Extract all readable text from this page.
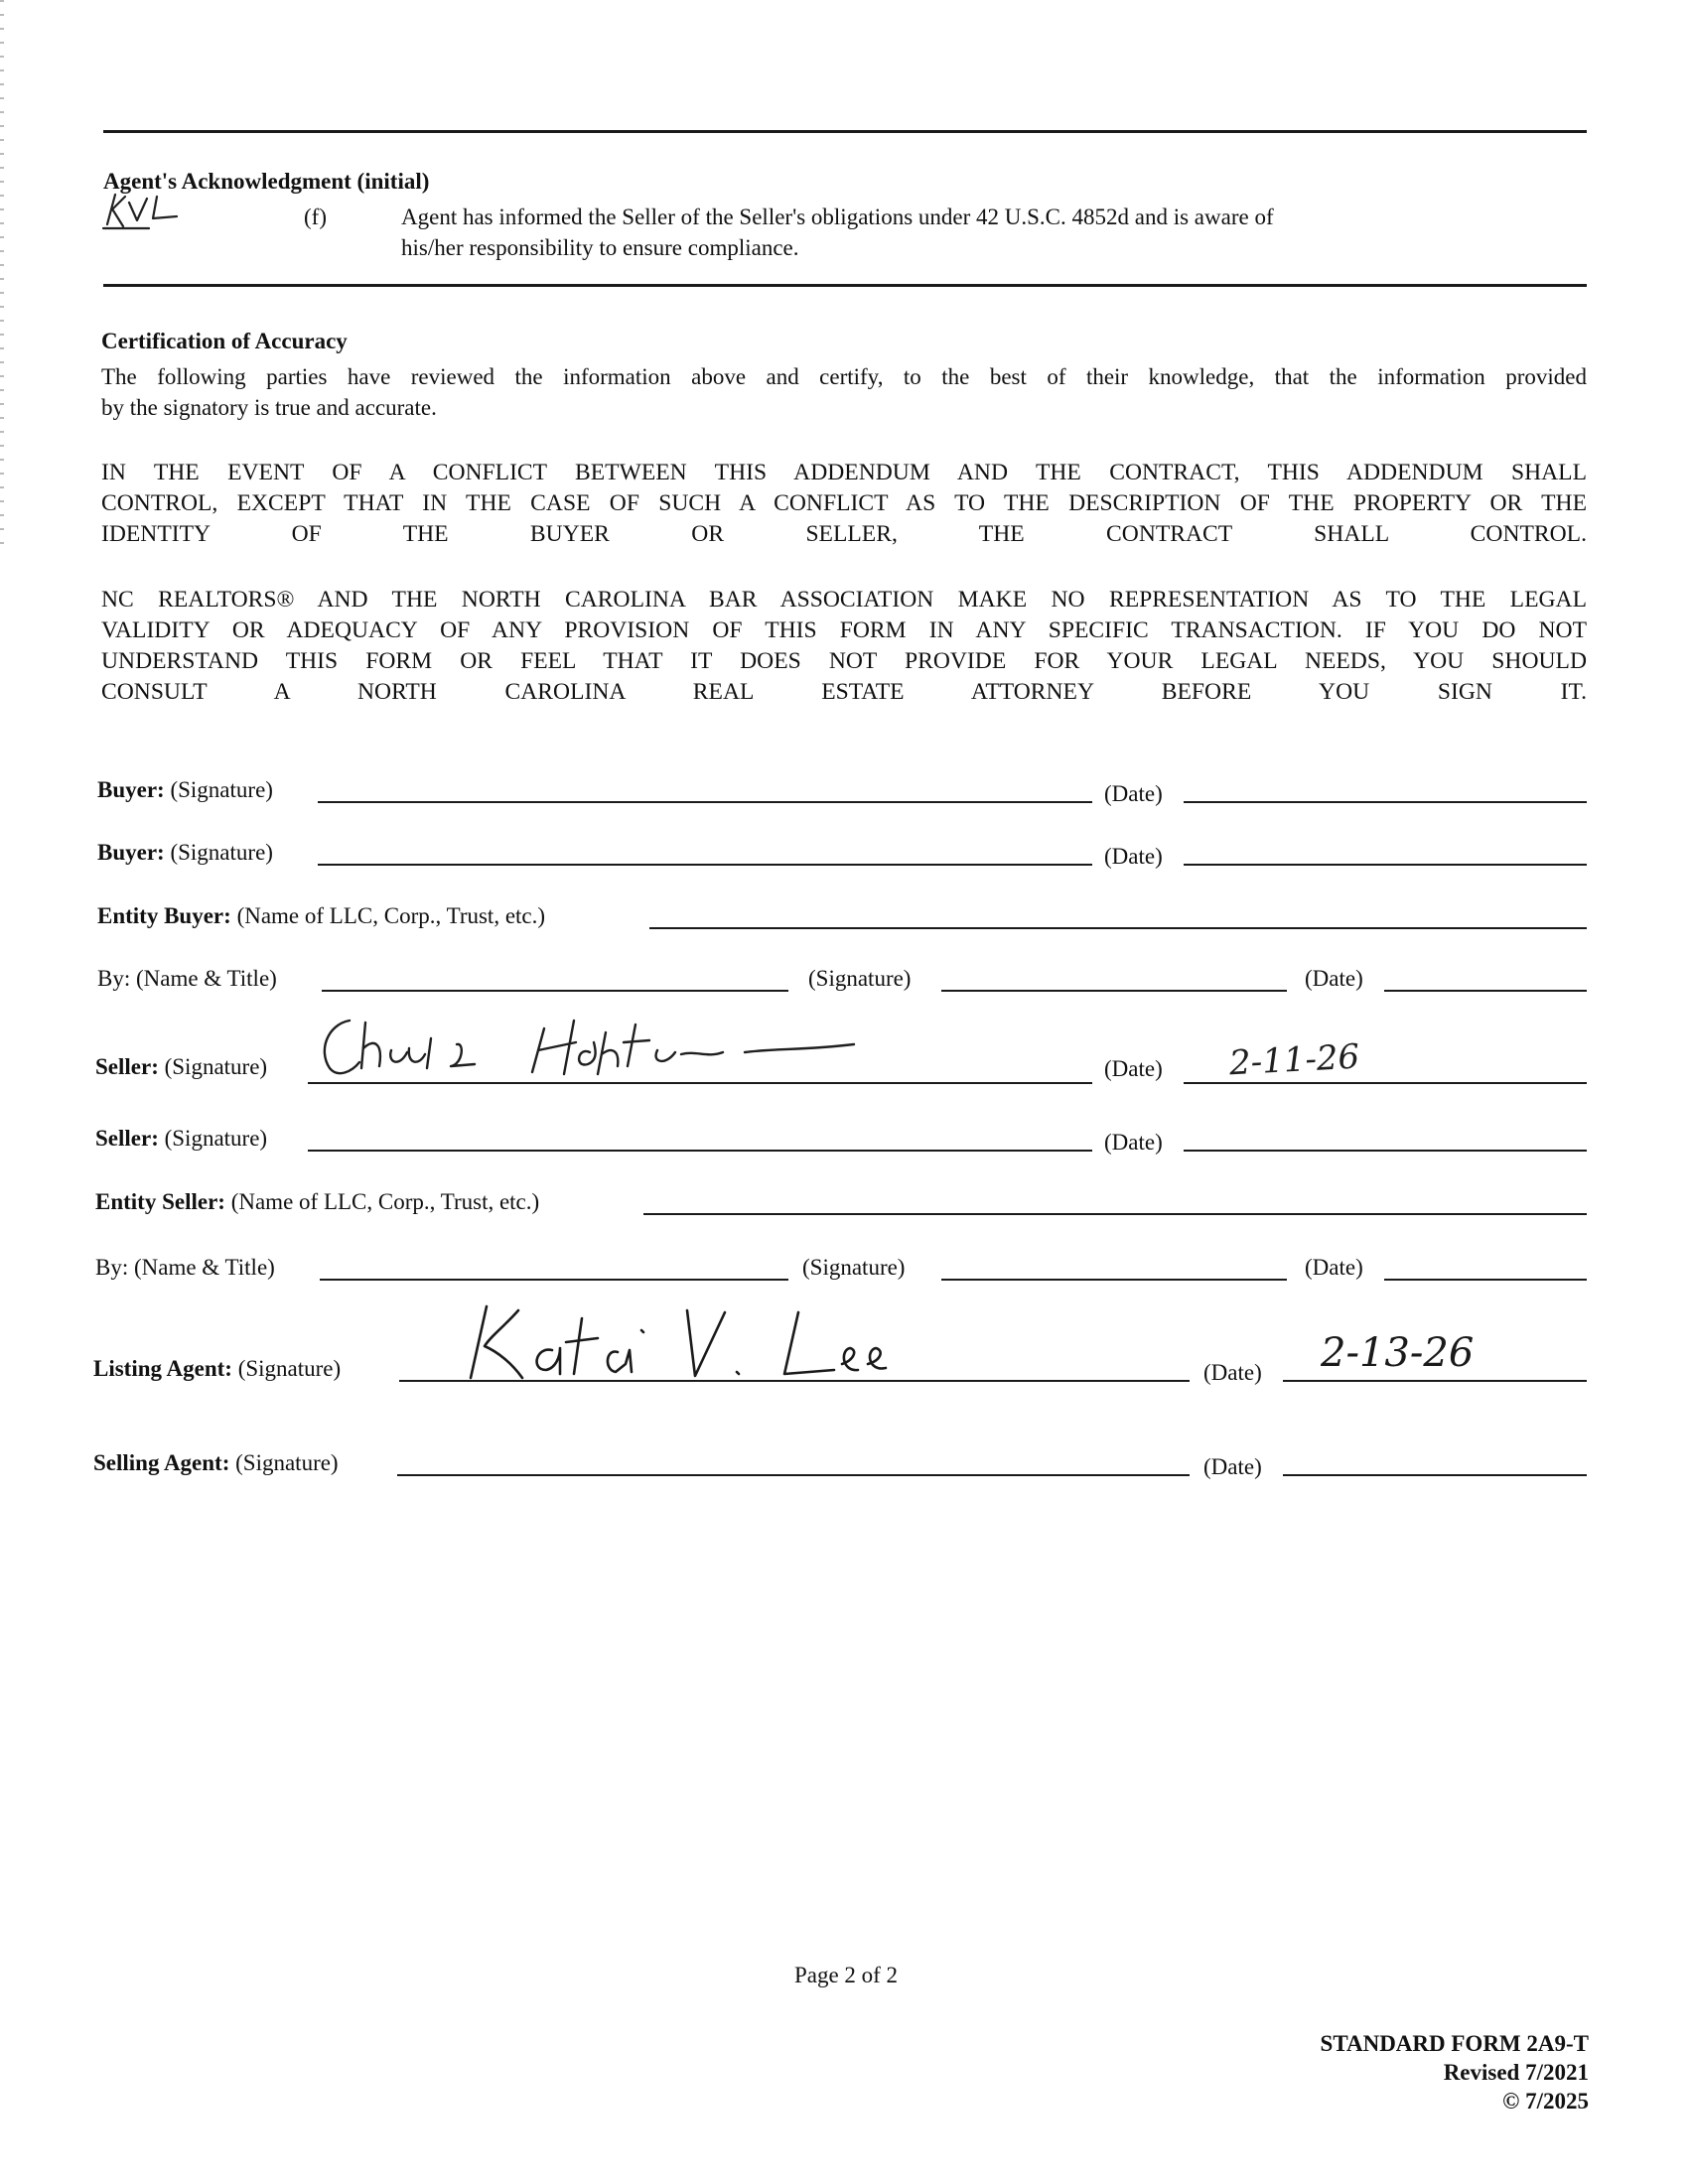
Agent's Acknowledgment (initial)
(f)	Agent has informed the Seller of the Seller's obligations under 42 U.S.C. 4852d and is aware of
his/her responsibility to ensure compliance.
Certification of Accuracy
The following parties have reviewed the information above and certify, to the best of their knowledge, that the information provided
by the signatory is true and accurate.
IN THE EVENT OF A CONFLICT BETWEEN THIS ADDENDUM AND THE CONTRACT, THIS ADDENDUM SHALL
CONTROL, EXCEPT THAT IN THE CASE OF SUCH A CONFLICT AS TO THE DESCRIPTION OF THE PROPERTY OR THE
IDENTITY OF THE BUYER OR SELLER, THE CONTRACT SHALL CONTROL.
NC REALTORS® AND THE NORTH CAROLINA BAR ASSOCIATION MAKE NO REPRESENTATION AS TO THE LEGAL
VALIDITY OR ADEQUACY OF ANY PROVISION OF THIS FORM IN ANY SPECIFIC TRANSACTION. IF YOU DO NOT
UNDERSTAND THIS FORM OR FEEL THAT IT DOES NOT PROVIDE FOR YOUR LEGAL NEEDS, YOU SHOULD
CONSULT A NORTH CAROLINA REAL ESTATE ATTORNEY BEFORE YOU SIGN IT.
Buyer: (Signature)	(Date)
Buyer: (Signature)	(Date)
Entity Buyer: (Name of LLC, Corp., Trust, etc.)
By: (Name & Title)	(Signature)	(Date)
Seller: (Signature)	(Date) 2-11-26
Seller: (Signature)	(Date)
Entity Seller: (Name of LLC, Corp., Trust, etc.)
By: (Name & Title)	(Signature)	(Date)
Listing Agent: (Signature)	(Date) 2-13-26
Selling Agent: (Signature)	(Date)
Page 2 of 2
STANDARD FORM 2A9-T
Revised 7/2021
© 7/2025
